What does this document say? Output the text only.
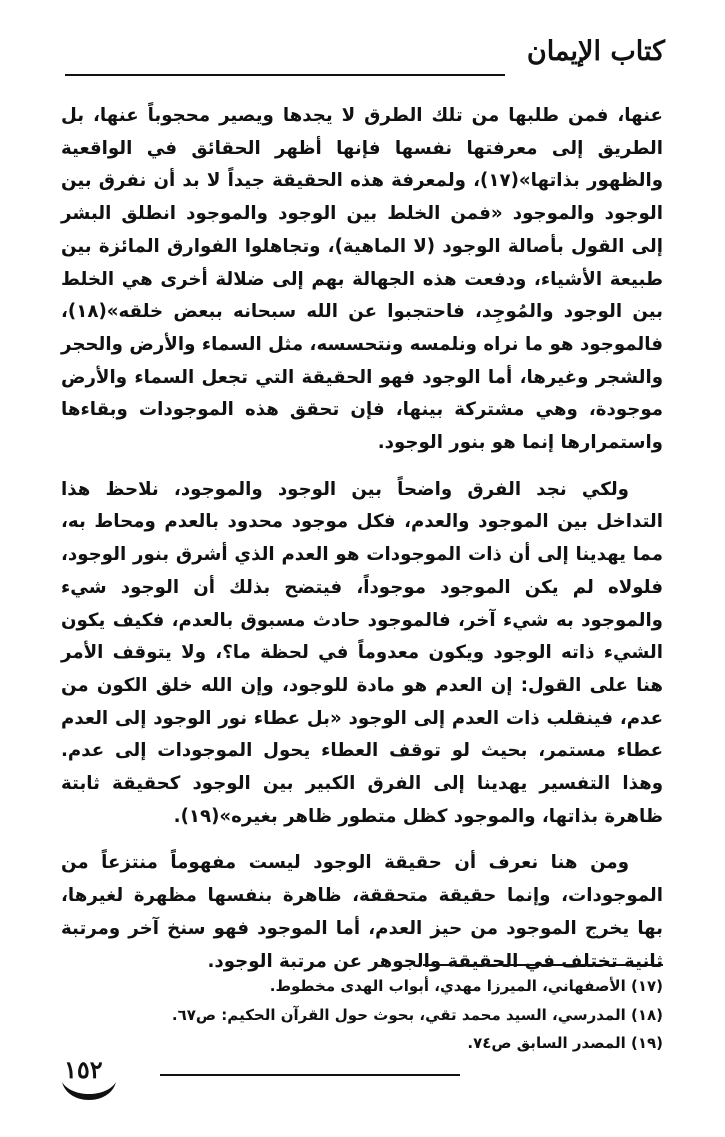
كتاب الإيمان

عنها، فمن طلبها من تلك الطرق لا يجدها ويصير محجوباً عنها، بل الطريق إلى معرفتها نفسها فإنها أظهر الحقائق في الواقعية والظهور بذاتها»(١٧)، ولمعرفة هذه الحقيقة جيداً لا بد أن نفرق بين الوجود والموجود «فمن الخلط بين الوجود والموجود انطلق البشر إلى القول بأصالة الوجود (لا الماهية)، وتجاهلوا الفوارق المائزة بين طبيعة الأشياء، ودفعت هذه الجهالة بهم إلى ضلالة أخرى هي الخلط بين الوجود والمُوجِد، فاحتجبوا عن الله سبحانه ببعض خلقه»(١٨)، فالموجود هو ما نراه ونلمسه ونتحسسه، مثل السماء والأرض والحجر والشجر وغيرها، أما الوجود فهو الحقيقة التي تجعل السماء والأرض موجودة، وهي مشتركة بينها، فإن تحقق هذه الموجودات وبقاءها واستمرارها إنما هو بنور الوجود.

ولكي نجد الفرق واضحاً بين الوجود والموجود، نلاحظ هذا التداخل بين الموجود والعدم، فكل موجود محدود بالعدم ومحاط به، مما يهدينا إلى أن ذات الموجودات هو العدم الذي أشرق بنور الوجود، فلولاه لم يكن الموجود موجوداً، فيتضح بذلك أن الوجود شيء والموجود به شيء آخر، فالموجود حادث مسبوق بالعدم، فكيف يكون الشيء ذاته الوجود ويكون معدوماً في لحظة ما؟، ولا يتوقف الأمر هنا على القول: إن العدم هو مادة للوجود، وإن الله خلق الكون من عدم، فينقلب ذات العدم إلى الوجود «بل عطاء نور الوجود إلى العدم عطاء مستمر، بحيث لو توقف العطاء يحول الموجودات إلى عدم. وهذا التفسير يهدينا إلى الفرق الكبير بين الوجود كحقيقة ثابتة ظاهرة بذاتها، والموجود كظل متطور ظاهر بغيره»(١٩).

ومن هنا نعرف أن حقيقة الوجود ليست مفهوماً منتزعاً من الموجودات، وإنما حقيقة متحققة، ظاهرة بنفسها مظهرة لغيرها، بها يخرج الموجود من حيز العدم، أما الموجود فهو سنخ آخر ومرتبة ثانية تختلف في الحقيقة والجوهر عن مرتبة الوجود.

(١٧) الأصفهاني، الميرزا مهدي، أبواب الهدى مخطوط.
(١٨) المدرسي، السيد محمد تقي، بحوث حول القرآن الحكيم: ص٦٧.
(١٩) المصدر السابق ص٧٤.
١٥٢
